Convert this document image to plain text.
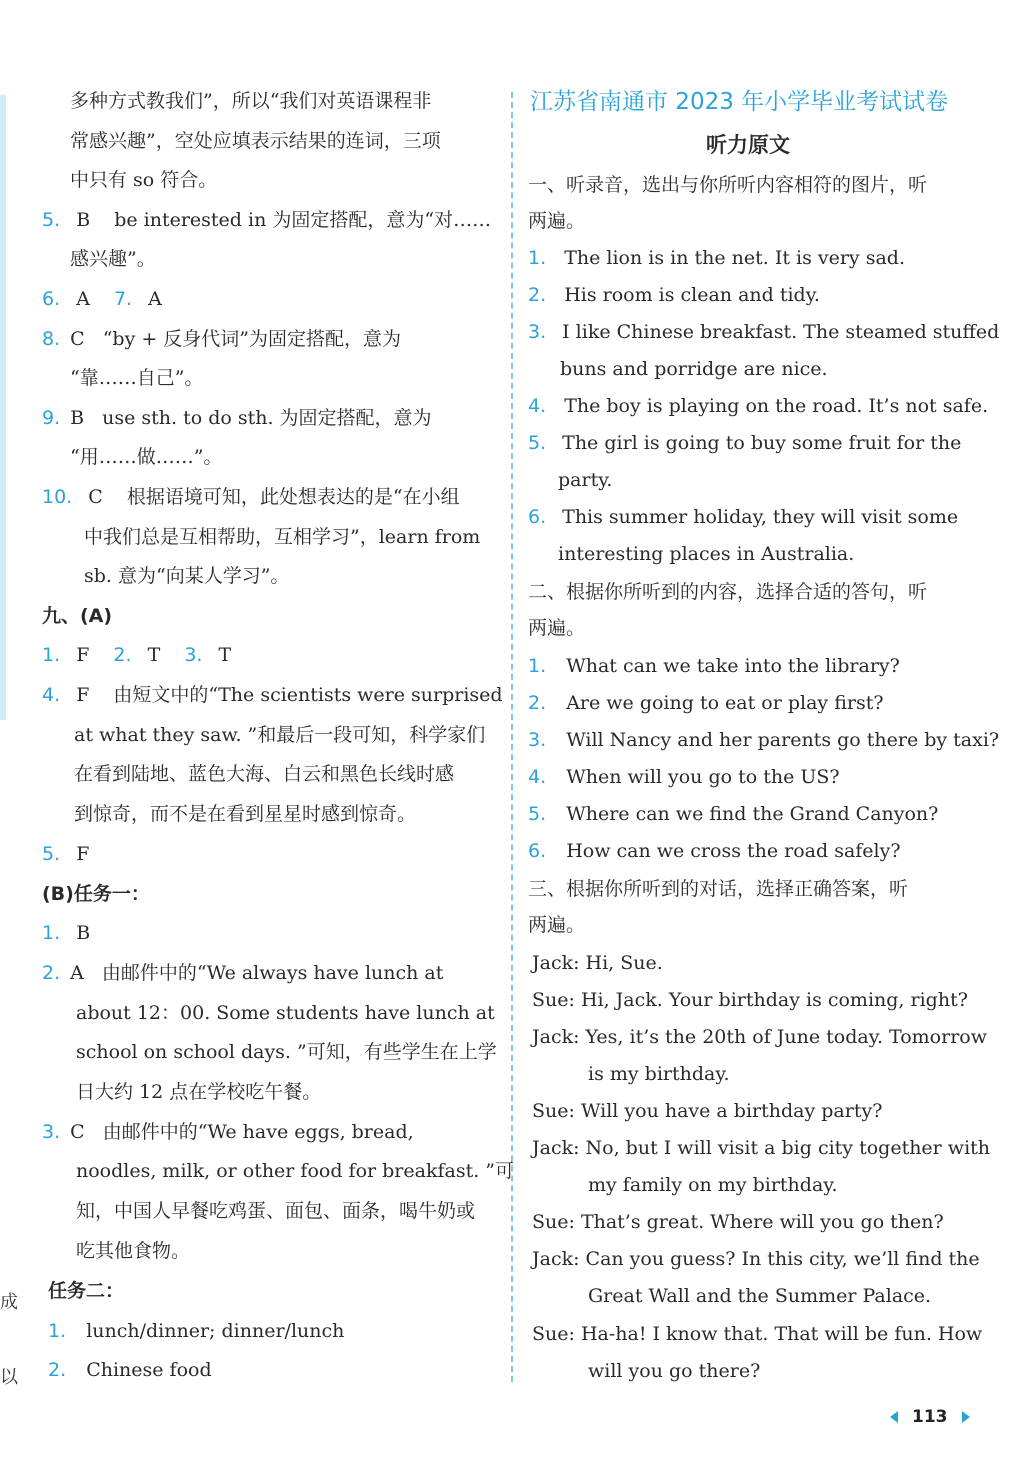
成
以
多种方式教我们”，所以“我们对英语课程非
常感兴趣”，空处应填表示结果的连词，三项
中只有 so 符合。
5. B be interested in 为固定搭配，意为“对……
感兴趣”。
6. A 7. A
8. C “by + 反身代词”为固定搭配，意为
“靠……自己”。
9. B use sth. to do sth. 为固定搭配，意为
“用……做……”。
10. C 根据语境可知，此处想表达的是“在小组
中我们总是互相帮助，互相学习”，learn from
sb. 意为“向某人学习”。
九、(A)
1. F 2. T 3. T
4. F 由短文中的“The scientists were surprised
at what they saw. ”和最后一段可知，科学家们
在看到陆地、蓝色大海、白云和黑色长线时感
到惊奇，而不是在看到星星时感到惊奇。
5. F
(B)任务一：
1. B
2. A 由邮件中的“We always have lunch at
about 12：00. Some students have lunch at
school on school days. ”可知，有些学生在上学
日大约 12 点在学校吃午餐。
3. C 由邮件中的“We have eggs, bread,
noodles, milk, or other food for breakfast. ”可
知，中国人早餐吃鸡蛋、面包、面条，喝牛奶或
吃其他食物。
任务二：
1. lunch/dinner; dinner/lunch
2. Chinese food
江苏省南通市 2023 年小学毕业考试试卷
听力原文
一、听录音，选出与你所听内容相符的图片，听
两遍。
1. The lion is in the net. It is very sad.
2. His room is clean and tidy.
3. I like Chinese breakfast. The steamed stuffed
buns and porridge are nice.
4. The boy is playing on the road. It’s not safe.
5. The girl is going to buy some fruit for the
party.
6. This summer holiday, they will visit some
interesting places in Australia.
二、根据你所听到的内容，选择合适的答句，听
两遍。
1. What can we take into the library?
2. Are we going to eat or play first?
3. Will Nancy and her parents go there by taxi?
4. When will you go to the US?
5. Where can we find the Grand Canyon?
6. How can we cross the road safely?
三、根据你所听到的对话，选择正确答案，听
两遍。
Jack: Hi, Sue.
Sue: Hi, Jack. Your birthday is coming, right?
Jack: Yes, it’s the 20th of June today. Tomorrow
is my birthday.
Sue: Will you have a birthday party?
Jack: No, but I will visit a big city together with
my family on my birthday.
Sue: That’s great. Where will you go then?
Jack: Can you guess? In this city, we’ll find the
Great Wall and the Summer Palace.
Sue: Ha-ha! I know that. That will be fun. How
will you go there?
113
